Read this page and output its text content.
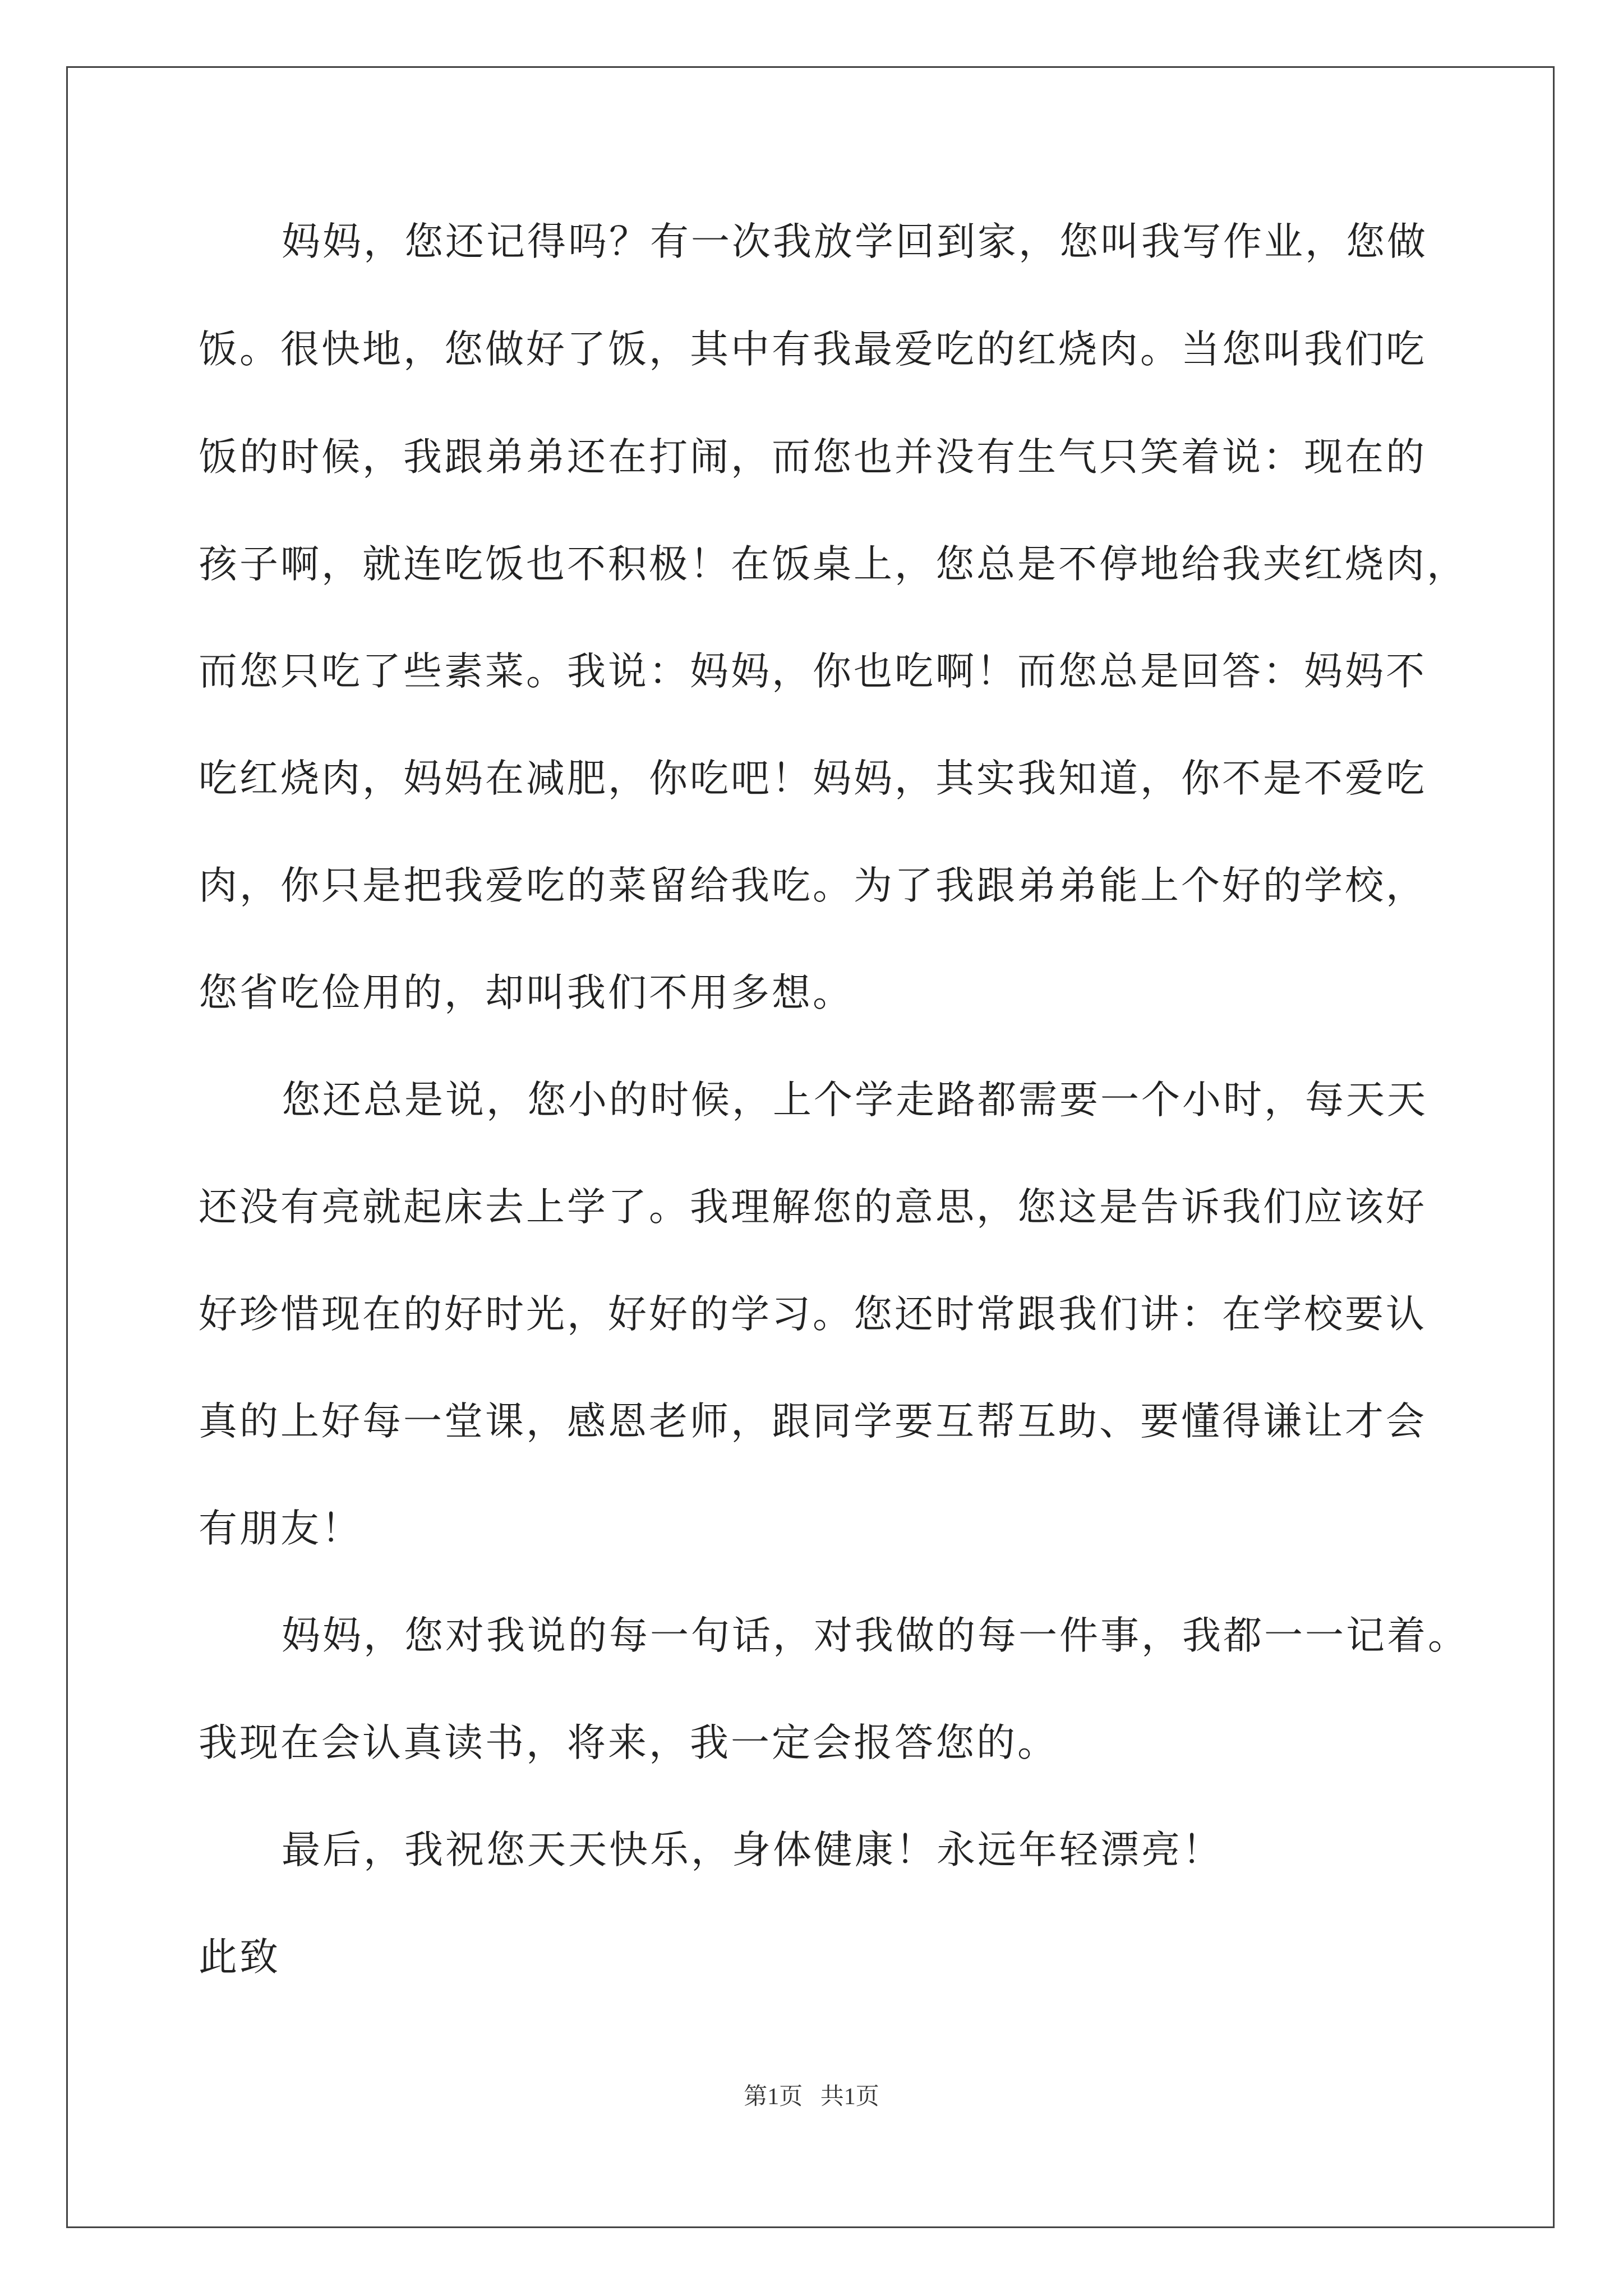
妈妈，您还记得吗？有一次我放学回到家，您叫我写作业，您做
饭。很快地，您做好了饭，其中有我最爱吃的红烧肉。当您叫我们吃
饭的时候，我跟弟弟还在打闹，而您也并没有生气只笑着说：现在的
孩子啊，就连吃饭也不积极！在饭桌上，您总是不停地给我夹红烧肉，
而您只吃了些素菜。我说：妈妈，你也吃啊！而您总是回答：妈妈不
吃红烧肉，妈妈在减肥，你吃吧！妈妈，其实我知道，你不是不爱吃
肉，你只是把我爱吃的菜留给我吃。为了我跟弟弟能上个好的学校，
您省吃俭用的，却叫我们不用多想。
您还总是说，您小的时候，上个学走路都需要一个小时，每天天
还没有亮就起床去上学了。我理解您的意思，您这是告诉我们应该好
好珍惜现在的好时光，好好的学习。您还时常跟我们讲：在学校要认
真的上好每一堂课，感恩老师，跟同学要互帮互助、要懂得谦让才会
有朋友！
妈妈，您对我说的每一句话，对我做的每一件事，我都一一记着。
我现在会认真读书，将来，我一定会报答您的。
最后，我祝您天天快乐，身体健康！永远年轻漂亮！
此致
第1页 共1页
